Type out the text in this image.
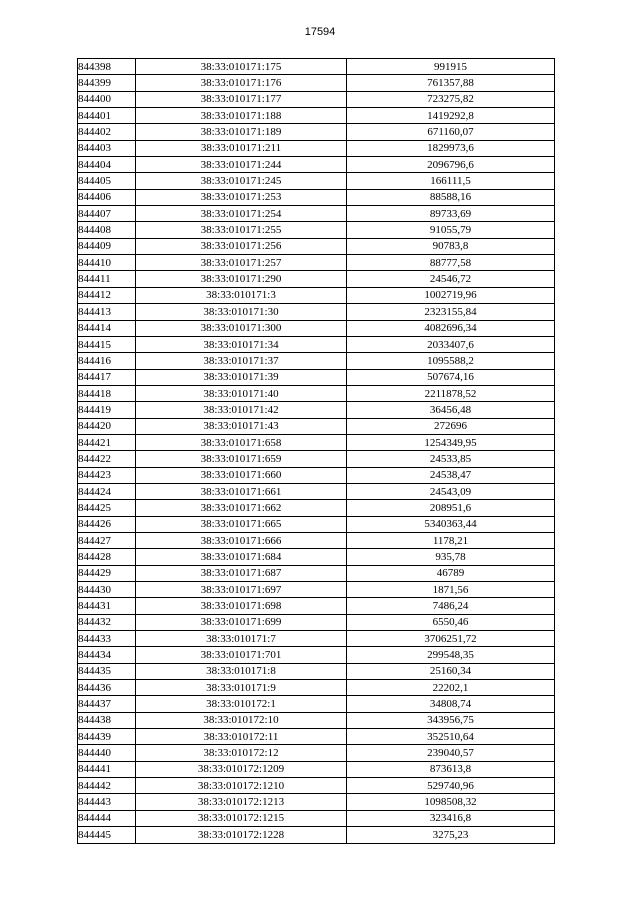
17594
844398	38:33:010171:175	991915
844399	38:33:010171:176	761357,88
844400	38:33:010171:177	723275,82
844401	38:33:010171:188	1419292,8
844402	38:33:010171:189	671160,07
844403	38:33:010171:211	1829973,6
844404	38:33:010171:244	2096796,6
844405	38:33:010171:245	166111,5
844406	38:33:010171:253	88588,16
844407	38:33:010171:254	89733,69
844408	38:33:010171:255	91055,79
844409	38:33:010171:256	90783,8
844410	38:33:010171:257	88777,58
844411	38:33:010171:290	24546,72
844412	38:33:010171:3	1002719,96
844413	38:33:010171:30	2323155,84
844414	38:33:010171:300	4082696,34
844415	38:33:010171:34	2033407,6
844416	38:33:010171:37	1095588,2
844417	38:33:010171:39	507674,16
844418	38:33:010171:40	2211878,52
844419	38:33:010171:42	36456,48
844420	38:33:010171:43	272696
844421	38:33:010171:658	1254349,95
844422	38:33:010171:659	24533,85
844423	38:33:010171:660	24538,47
844424	38:33:010171:661	24543,09
844425	38:33:010171:662	208951,6
844426	38:33:010171:665	5340363,44
844427	38:33:010171:666	1178,21
844428	38:33:010171:684	935,78
844429	38:33:010171:687	46789
844430	38:33:010171:697	1871,56
844431	38:33:010171:698	7486,24
844432	38:33:010171:699	6550,46
844433	38:33:010171:7	3706251,72
844434	38:33:010171:701	299548,35
844435	38:33:010171:8	25160,34
844436	38:33:010171:9	22202,1
844437	38:33:010172:1	34808,74
844438	38:33:010172:10	343956,75
844439	38:33:010172:11	352510,64
844440	38:33:010172:12	239040,57
844441	38:33:010172:1209	873613,8
844442	38:33:010172:1210	529740,96
844443	38:33:010172:1213	1098508,32
844444	38:33:010172:1215	323416,8
844445	38:33:010172:1228	3275,23
